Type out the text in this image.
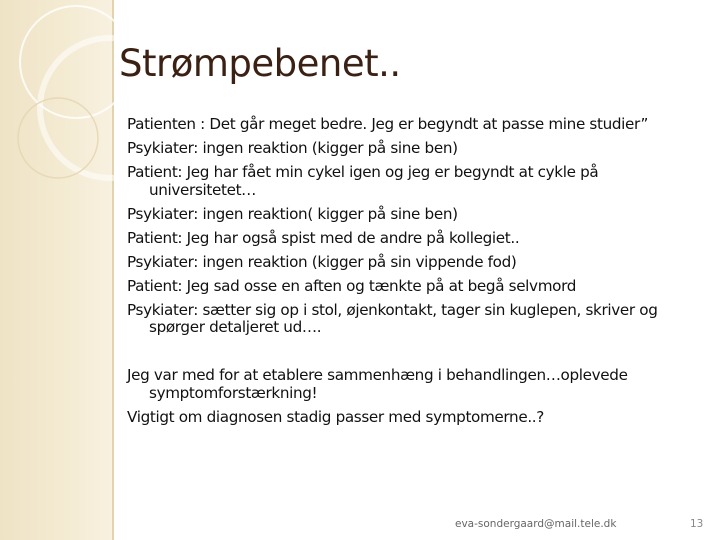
Strømpebenet..

Patienten : Det går meget bedre. Jeg er begyndt at passe mine studier”

Psykiater: ingen reaktion (kigger på sine ben)

Patient: Jeg har fået min cykel igen og jeg er begyndt at cykle på universitetet…

Psykiater: ingen reaktion( kigger på sine ben)

Patient: Jeg har også spist med de andre på kollegiet..

Psykiater: ingen reaktion (kigger på sin vippende fod)

Patient: Jeg sad osse en aften og tænkte på at begå selvmord

Psykiater: sætter sig op i stol, øjenkontakt, tager sin kuglepen, skriver og spørger detaljeret ud….

Jeg var med for at etablere sammenhæng i behandlingen…oplevede symptomforstærkning!

Vigtigt om diagnosen stadig passer med symptomerne..?

eva-sondergaard@mail.tele.dk	13
